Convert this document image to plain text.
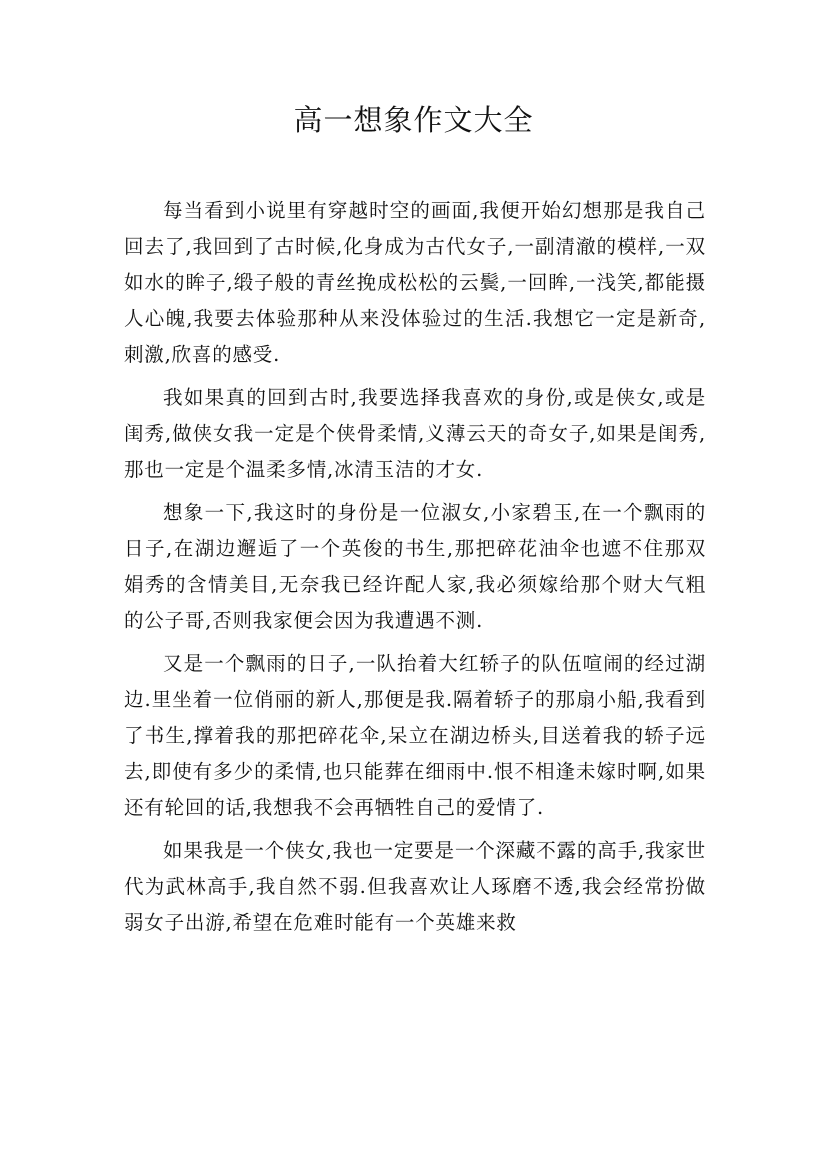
高一想象作文大全

每当看到小说里有穿越时空的画面,我便开始幻想那是我自己回去了,我回到了古时候,化身成为古代女子,一副清澈的模样,一双如水的眸子,缎子般的青丝挽成松松的云鬓,一回眸,一浅笑,都能摄人心魄,我要去体验那种从来没体验过的生活.我想它一定是新奇,刺激,欣喜的感受.

我如果真的回到古时,我要选择我喜欢的身份,或是侠女,或是闺秀,做侠女我一定是个侠骨柔情,义薄云天的奇女子,如果是闺秀,那也一定是个温柔多情,冰清玉洁的才女.

想象一下,我这时的身份是一位淑女,小家碧玉,在一个飘雨的日子,在湖边邂逅了一个英俊的书生,那把碎花油伞也遮不住那双娟秀的含情美目,无奈我已经许配人家,我必须嫁给那个财大气粗的公子哥,否则我家便会因为我遭遇不测.

又是一个飘雨的日子,一队抬着大红轿子的队伍喧闹的经过湖边.里坐着一位俏丽的新人,那便是我.隔着轿子的那扇小船,我看到了书生,撑着我的那把碎花伞,呆立在湖边桥头,目送着我的轿子远去,即使有多少的柔情,也只能葬在细雨中.恨不相逢未嫁时啊,如果还有轮回的话,我想我不会再牺牲自己的爱情了.

如果我是一个侠女,我也一定要是一个深藏不露的高手,我家世代为武林高手,我自然不弱.但我喜欢让人琢磨不透,我会经常扮做弱女子出游,希望在危难时能有一个英雄来救
